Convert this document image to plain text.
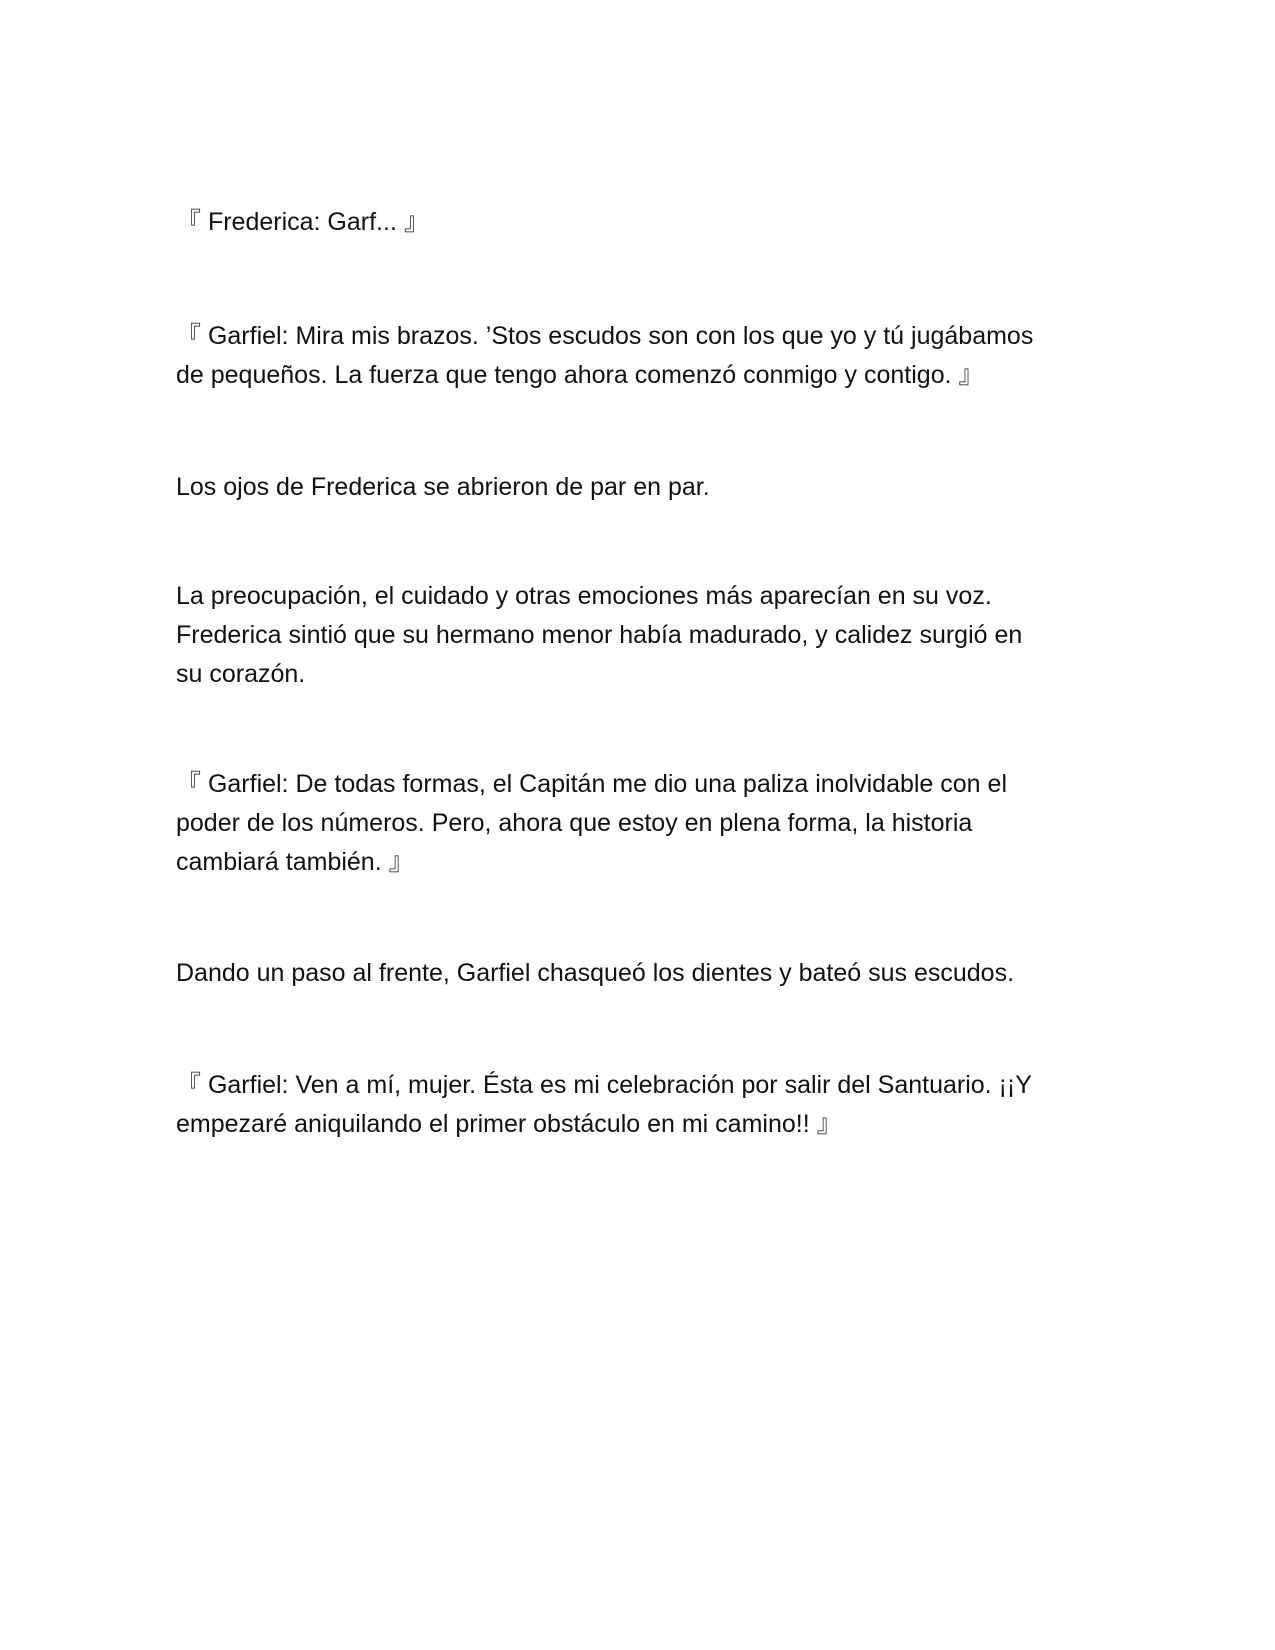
『 Frederica: Garf... 』

『 Garfiel: Mira mis brazos. ’Stos escudos son con los que yo y tú jugábamos
de pequeños. La fuerza que tengo ahora comenzó conmigo y contigo. 』

Los ojos de Frederica se abrieron de par en par.

La preocupación, el cuidado y otras emociones más aparecían en su voz.
Frederica sintió que su hermano menor había madurado, y calidez surgió en
su corazón.

『 Garfiel: De todas formas, el Capitán me dio una paliza inolvidable con el
poder de los números. Pero, ahora que estoy en plena forma, la historia
cambiará también. 』

Dando un paso al frente, Garfiel chasqueó los dientes y bateó sus escudos.

『 Garfiel: Ven a mí, mujer. Ésta es mi celebración por salir del Santuario. ¡¡Y
empezaré aniquilando el primer obstáculo en mi camino!! 』
